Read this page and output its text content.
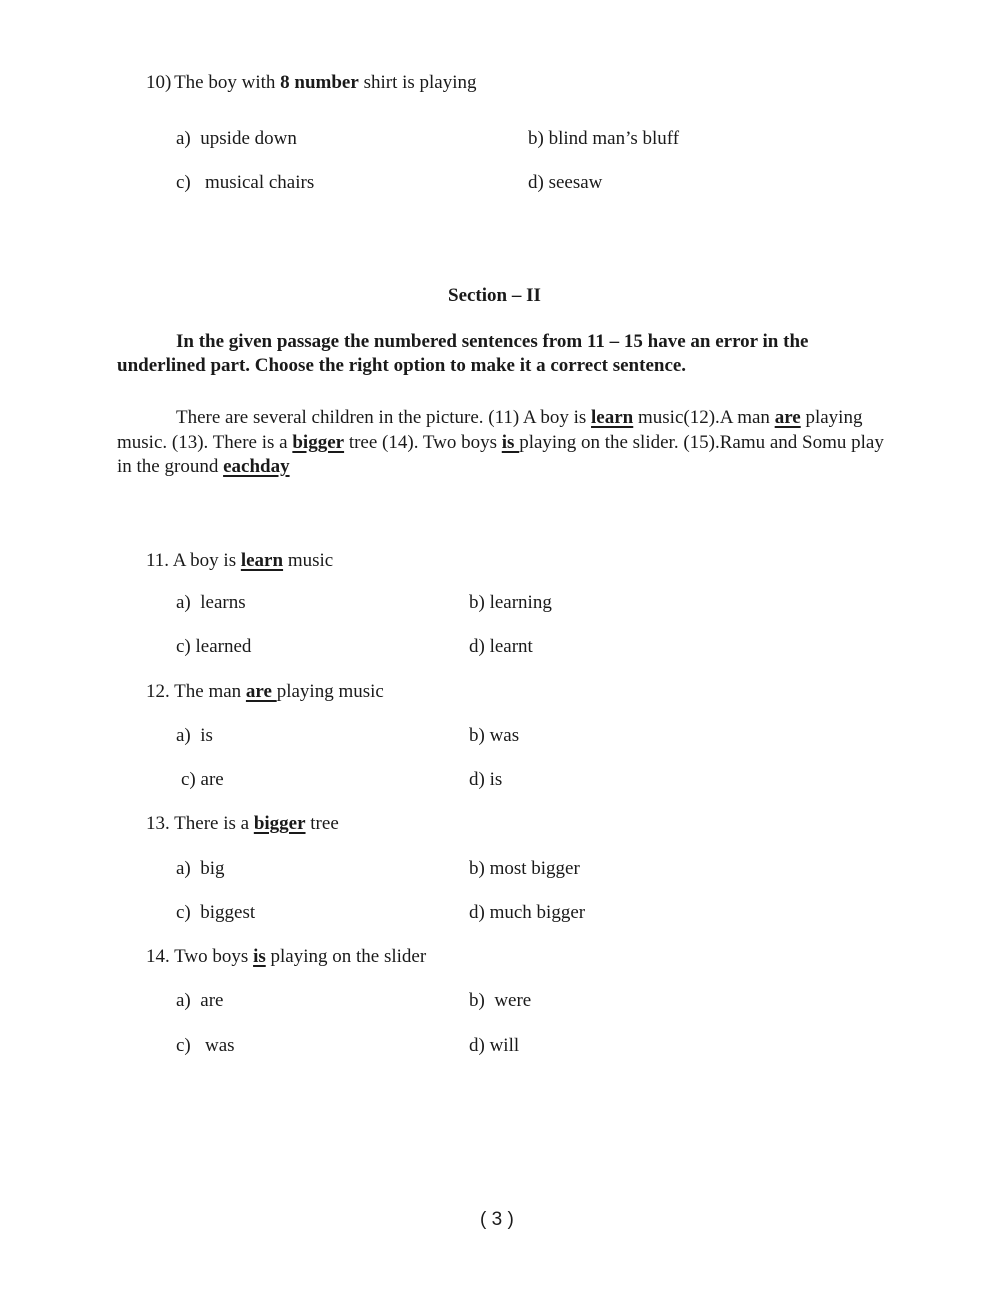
10) The boy with 8 number shirt is playing
a) upside down	b) blind man’s bluff
c) musical chairs	d) seesaw
Section – II
In the given passage the numbered sentences from 11 – 15 have an error in the underlined part. Choose the right option to make it a correct sentence.
There are several children in the picture. (11) A boy is learn music(12).A man are playing music. (13). There is a bigger tree (14). Two boys is playing on the slider. (15).Ramu and Somu play in the ground eachday
11. A boy is learn music
a) learns	b) learning
c) learned	d) learnt
12. The man are playing music
a) is	b) was
c) are	d) is
13. There is a bigger tree
a) big	b) most bigger
c) biggest	d) much bigger
14. Two boys is playing on the slider
a) are	b) were
c) was	d) will
( 3 )
